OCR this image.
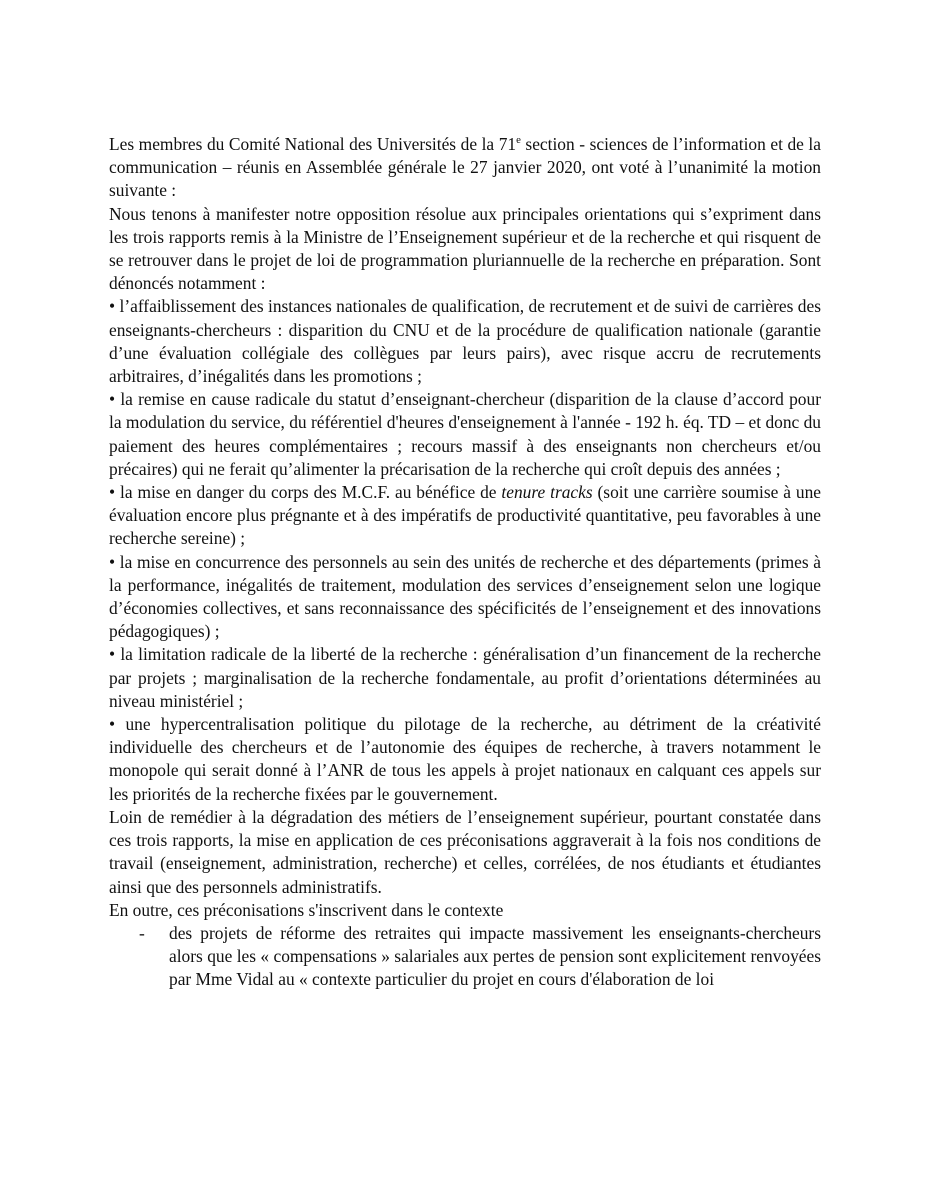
Les membres du Comité National des Universités de la 71e section - sciences de l’information et de la communication – réunis en Assemblée générale le 27 janvier 2020, ont voté à l’unanimité la motion suivante :

Nous tenons à manifester notre opposition résolue aux principales orientations qui s’expriment dans les trois rapports remis à la Ministre de l’Enseignement supérieur et de la recherche et qui risquent de se retrouver dans le projet de loi de programmation pluriannuelle de la recherche en préparation. Sont dénoncés notamment :

• l’affaiblissement des instances nationales de qualification, de recrutement et de suivi de carrières des enseignants-chercheurs : disparition du CNU et de la procédure de qualification nationale (garantie d’une évaluation collégiale des collègues par leurs pairs), avec risque accru de recrutements arbitraires, d’inégalités dans les promotions ;

• la remise en cause radicale du statut d’enseignant-chercheur (disparition de la clause d’accord pour la modulation du service, du référentiel d'heures d'enseignement à l'année - 192 h. éq. TD – et donc du paiement des heures complémentaires ; recours massif à des enseignants non chercheurs et/ou précaires) qui ne ferait qu’alimenter la précarisation de la recherche qui croît depuis des années ;

• la mise en danger du corps des M.C.F. au bénéfice de tenure tracks (soit une carrière soumise à une évaluation encore plus prégnante et à des impératifs de productivité quantitative, peu favorables à une recherche sereine) ;

• la mise en concurrence des personnels au sein des unités de recherche et des départements (primes à la performance, inégalités de traitement, modulation des services d’enseignement selon une logique d’économies collectives, et sans reconnaissance des spécificités de l’enseignement et des innovations pédagogiques) ;

• la limitation radicale de la liberté de la recherche : généralisation d’un financement de la recherche par projets ; marginalisation de la recherche fondamentale, au profit d’orientations déterminées au niveau ministériel ;

• une hypercentralisation politique du pilotage de la recherche, au détriment de la créativité individuelle des chercheurs et de l’autonomie des équipes de recherche, à travers notamment le monopole qui serait donné à l’ANR de tous les appels à projet nationaux en calquant ces appels sur les priorités de la recherche fixées par le gouvernement.

Loin de remédier à la dégradation des métiers de l’enseignement supérieur, pourtant constatée dans ces trois rapports, la mise en application de ces préconisations aggraverait à la fois nos conditions de travail (enseignement, administration, recherche) et celles, corrélées, de nos étudiants et étudiantes ainsi que des personnels administratifs.

En outre, ces préconisations s'inscrivent dans le contexte

-	des projets de réforme des retraites qui impacte massivement les enseignants-chercheurs alors que les « compensations » salariales aux pertes de pension sont explicitement renvoyées par Mme Vidal au « contexte particulier du projet en cours d'élaboration de loi
